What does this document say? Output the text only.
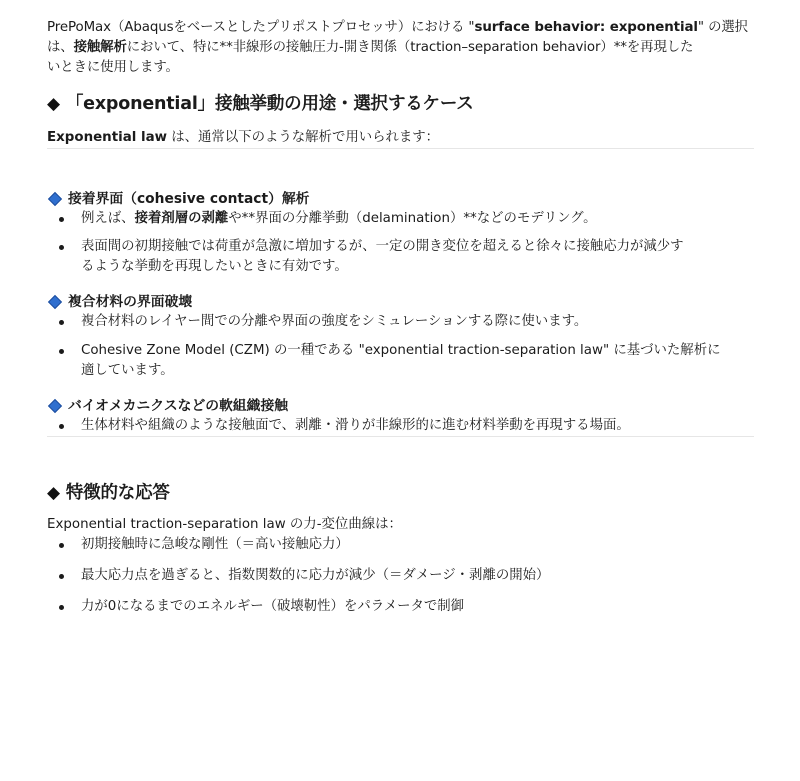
PrePoMax（Abaqusをベースとしたプリポストプロセッサ）における "surface behavior: exponential" の選択
は、接触解析において、特に**非線形の接触圧力-開き関係（traction–separation behavior）**を再現した
いときに使用します。

◆ 「exponential」接触挙動の用途・選択するケース

Exponential law は、通常以下のような解析で用いられます：

接着界面（cohesive contact）解析
例えば、接着剤層の剥離や**界面の分離挙動（delamination）**などのモデリング。
表面間の初期接触では荷重が急激に増加するが、一定の開き変位を超えると徐々に接触応力が減少す
るような挙動を再現したいときに有効です。
複合材料の界面破壊
複合材料のレイヤー間での分離や界面の強度をシミュレーションする際に使います。
Cohesive Zone Model (CZM) の一種である "exponential traction-separation law" に基づいた解析に
適しています。
バイオメカニクスなどの軟組織接触
生体材料や組織のような接触面で、剥離・滑りが非線形的に進む材料挙動を再現する場面。
◆ 特徴的な応答

Exponential traction-separation law の力-変位曲線は：

初期接触時に急峻な剛性（＝高い接触応力）
最大応力点を過ぎると、指数関数的に応力が減少（＝ダメージ・剥離の開始）
力が0になるまでのエネルギー（破壊靭性）をパラメータで制御
